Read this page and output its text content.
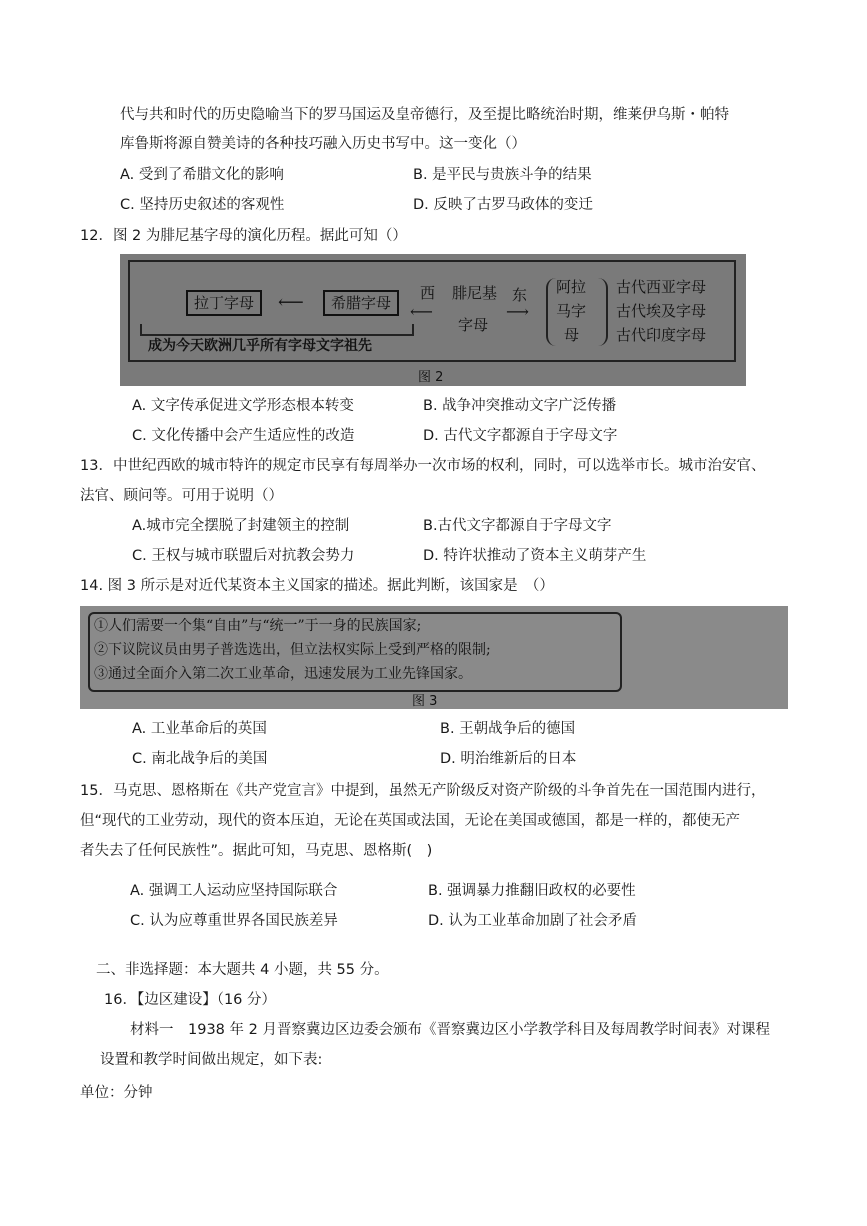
代与共和时代的历史隐喻当下的罗马国运及皇帝德行，及至提比略统治时期，维莱伊乌斯・帕特
库鲁斯将源自赞美诗的各种技巧融入历史书写中。这一变化（）
A. 受到了希腊文化的影响	B. 是平民与贵族斗争的结果
C. 坚持历史叙述的客观性	D. 反映了古罗马政体的变迁
12．图 2 为腓尼基字母的演化历程。据此可知（）
拉丁字母	⟵	希腊字母
西
⟵
腓尼基
字母
东
⟶
阿拉
马字
母
古代西亚字母
古代埃及字母
古代印度字母
成为今天欧洲几乎所有字母文字祖先
图 2
A. 文字传承促进文学形态根本转变	B. 战争冲突推动文字广泛传播
C. 文化传播中会产生适应性的改造	D. 古代文字都源自于字母文字
13．中世纪西欧的城市特许的规定市民享有每周举办一次市场的权利，同时，可以选举市长。城市治安官、
法官、顾问等。可用于说明（）
A.城市完全摆脱了封建领主的控制	B.古代文字都源自于字母文字
C. 王权与城市联盟后对抗教会势力	D. 特许状推动了资本主义萌芽产生
14. 图 3 所示是对近代某资本主义国家的描述。据此判断，该国家是　（）
①人们需要一个集“自由”与“统一”于一身的民族国家;
②下议院议员由男子普选选出，但立法权实际上受到严格的限制;
③通过全面介入第二次工业革命，迅速发展为工业先锋国家。
图 3
A. 工业革命后的英国	B. 王朝战争后的德国
C. 南北战争后的美国	D. 明治维新后的日本
15．马克思、恩格斯在《共产党宣言》中提到，虽然无产阶级反对资产阶级的斗争首先在一国范围内进行，
但“现代的工业劳动，现代的资本压迫，无论在英国或法国，无论在美国或德国，都是一样的，都使无产
者失去了任何民族性”。据此可知，马克思、恩格斯(　)
A. 强调工人运动应坚持国际联合	B. 强调暴力推翻旧政权的必要性
C. 认为应尊重世界各国民族差异	D. 认为工业革命加剧了社会矛盾
二、非选择题：本大题共 4 小题，共 55 分。
16．【边区建设】（16 分）
材料一　1938 年 2 月晋察冀边区边委会颁布《晋察冀边区小学教学科目及每周教学时间表》对课程
设置和教学时间做出规定，如下表:
单位：分钟
